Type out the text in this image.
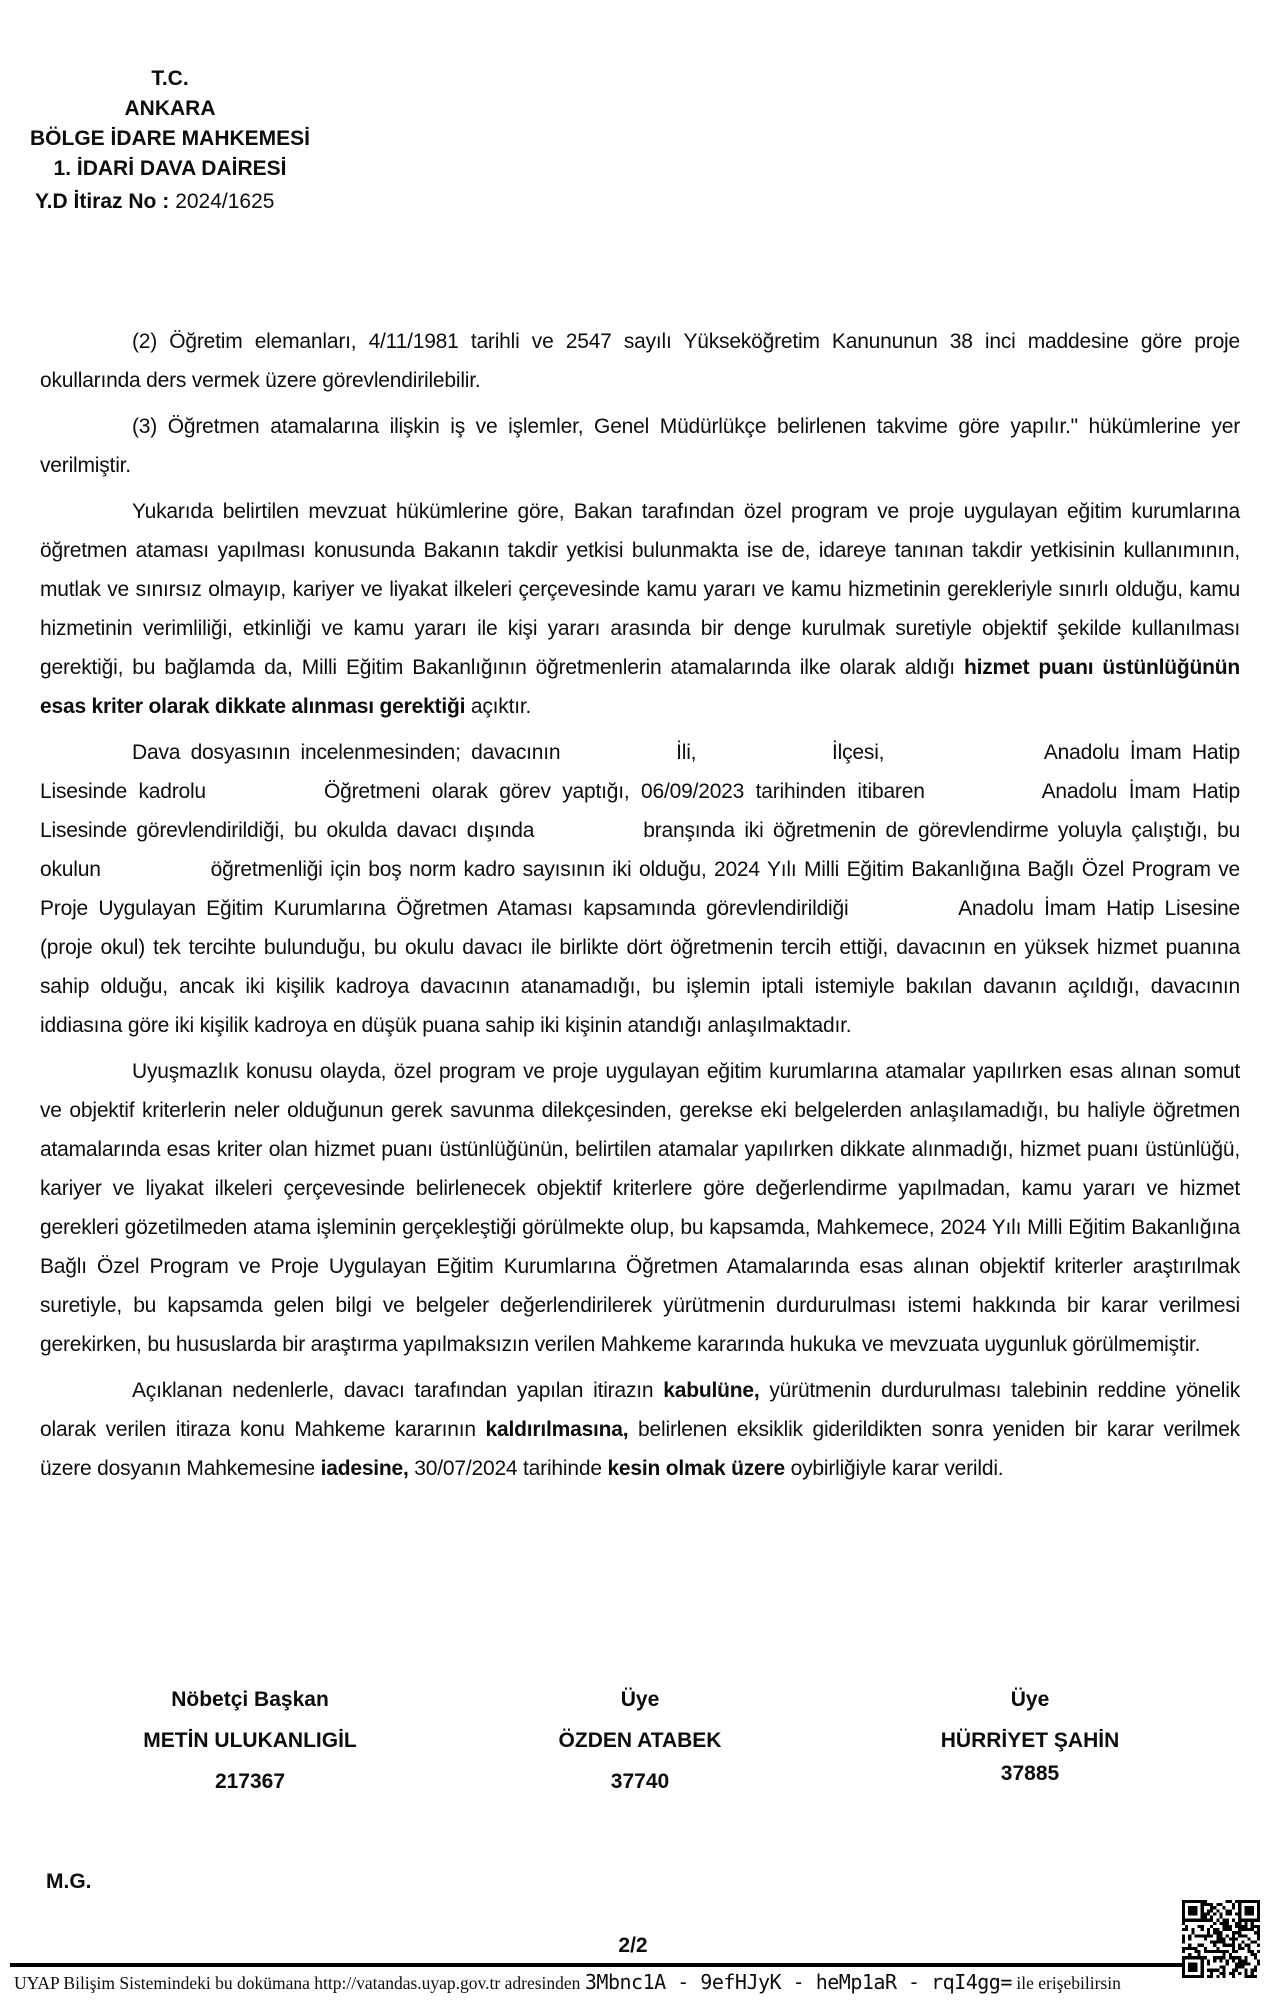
T.C.
ANKARA
BÖLGE İDARE MAHKEMESİ
1. İDARİ DAVA DAİRESİ
Y.D İtiraz No : 2024/1625
(2) Öğretim elemanları, 4/11/1981 tarihli ve 2547 sayılı Yükseköğretim Kanununun 38 inci maddesine göre proje okullarında ders vermek üzere görevlendirilebilir.
(3) Öğretmen atamalarına ilişkin iş ve işlemler, Genel Müdürlükçe belirlenen takvime göre yapılır." hükümlerine yer verilmiştir.
Yukarıda belirtilen mevzuat hükümlerine göre, Bakan tarafından özel program ve proje uygulayan eğitim kurumlarına öğretmen ataması yapılması konusunda Bakanın takdir yetkisi bulunmakta ise de, idareye tanınan takdir yetkisinin kullanımının, mutlak ve sınırsız olmayıp, kariyer ve liyakat ilkeleri çerçevesinde kamu yararı ve kamu hizmetinin gerekleriyle sınırlı olduğu, kamu hizmetinin verimliliği, etkinliği ve kamu yararı ile kişi yararı arasında bir denge kurulmak suretiyle objektif şekilde kullanılması gerektiği, bu bağlamda da, Milli Eğitim Bakanlığının öğretmenlerin atamalarında ilke olarak aldığı hizmet puanı üstünlüğünün esas kriter olarak dikkate alınması gerektiği açıktır.
Dava dosyasının incelenmesinden; davacının	İli,	İlçesi,	Anadolu İmam Hatip Lisesinde kadrolu	Öğretmeni olarak görev yaptığı, 06/09/2023 tarihinden itibaren	Anadolu İmam Hatip Lisesinde görevlendirildiği, bu okulda davacı dışında	branşında iki öğretmenin de görevlendirme yoluyla çalıştığı, bu okulun	öğretmenliği için boş norm kadro sayısının iki olduğu, 2024 Yılı Milli Eğitim Bakanlığına Bağlı Özel Program ve Proje Uygulayan Eğitim Kurumlarına Öğretmen Ataması kapsamında görevlendirildiği	Anadolu İmam Hatip Lisesine (proje okul) tek tercihte bulunduğu, bu okulu davacı ile birlikte dört öğretmenin tercih ettiği, davacının en yüksek hizmet puanına sahip olduğu, ancak iki kişilik kadroya davacının atanamadığı, bu işlemin iptali istemiyle bakılan davanın açıldığı, davacının iddiasına göre iki kişilik kadroya en düşük puana sahip iki kişinin atandığı anlaşılmaktadır.
Uyuşmazlık konusu olayda, özel program ve proje uygulayan eğitim kurumlarına atamalar yapılırken esas alınan somut ve objektif kriterlerin neler olduğunun gerek savunma dilekçesinden, gerekse eki belgelerden anlaşılamadığı, bu haliyle öğretmen atamalarında esas kriter olan hizmet puanı üstünlüğünün, belirtilen atamalar yapılırken dikkate alınmadığı, hizmet puanı üstünlüğü, kariyer ve liyakat ilkeleri çerçevesinde belirlenecek objektif kriterlere göre değerlendirme yapılmadan, kamu yararı ve hizmet gerekleri gözetilmeden atama işleminin gerçekleştiği görülmekte olup, bu kapsamda, Mahkemece, 2024 Yılı Milli Eğitim Bakanlığına Bağlı Özel Program ve Proje Uygulayan Eğitim Kurumlarına Öğretmen Atamalarında esas alınan objektif kriterler araştırılmak suretiyle, bu kapsamda gelen bilgi ve belgeler değerlendirilerek yürütmenin durdurulması istemi hakkında bir karar verilmesi gerekirken, bu hususlarda bir araştırma yapılmaksızın verilen Mahkeme kararında hukuka ve mevzuata uygunluk görülmemiştir.
Açıklanan nedenlerle, davacı tarafından yapılan itirazın kabulüne, yürütmenin durdurulması talebinin reddine yönelik olarak verilen itiraza konu Mahkeme kararının kaldırılmasına, belirlenen eksiklik giderildikten sonra yeniden bir karar verilmek üzere dosyanın Mahkemesine iadesine, 30/07/2024 tarihinde kesin olmak üzere oybirliğiyle karar verildi.
Nöbetçi Başkan
METİN ULUKANLIGİL
217367
Üye
ÖZDEN ATABEK
37740
Üye
HÜRRİYET ŞAHİN
37885
M.G.
2/2
UYAP Bilişim Sistemindeki bu dokümana http://vatandas.uyap.gov.tr adresinden 3Mbnc1A - 9efHJyK - heMp1aR - rqI4gg= ile erişebilirsin
